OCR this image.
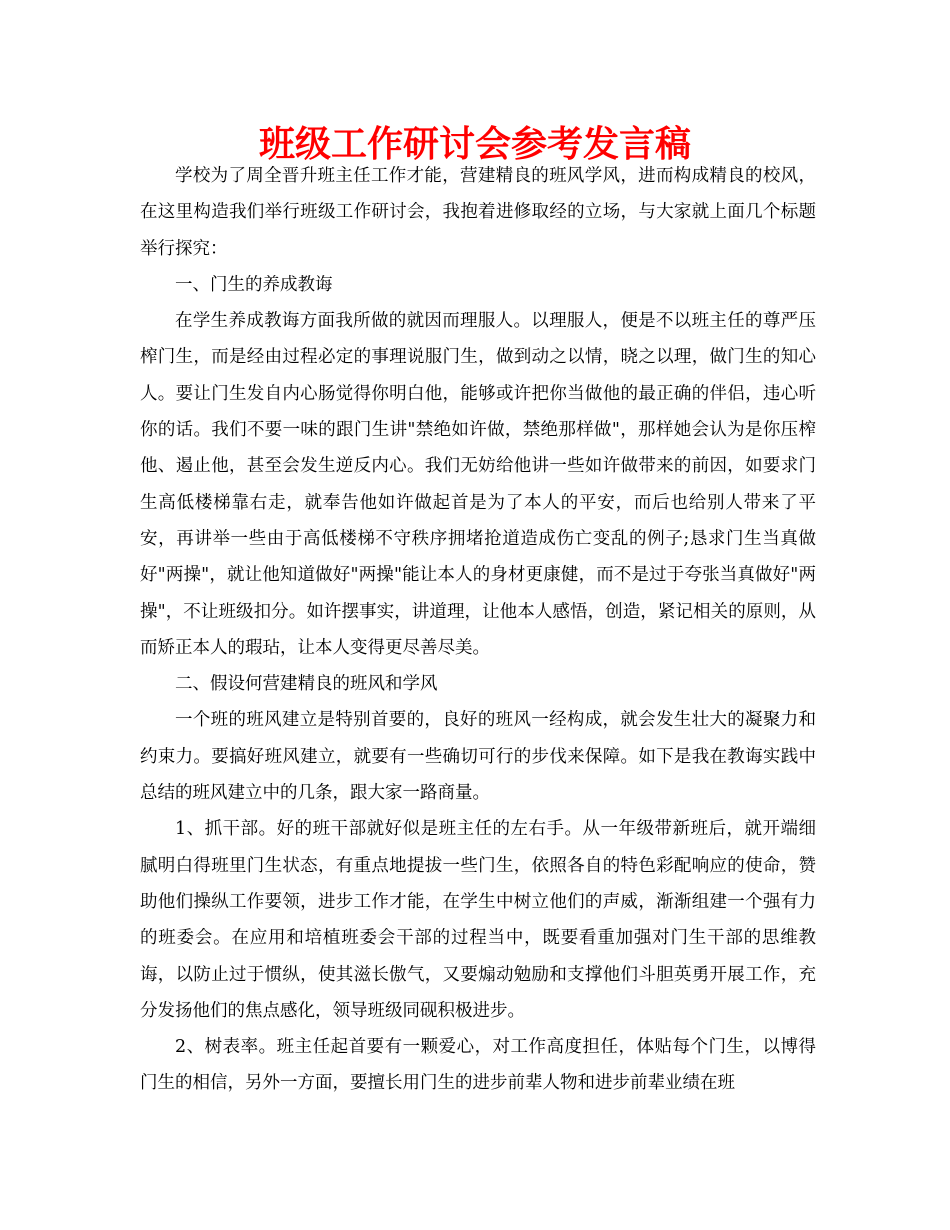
班级工作研讨会参考发言稿

学校为了周全晋升班主任工作才能，营建精良的班风学风，进而构成精良的校风，在这里构造我们举行班级工作研讨会，我抱着进修取经的立场，与大家就上面几个标题举行探究：

一、门生的养成教诲

在学生养成教诲方面我所做的就因而理服人。以理服人，便是不以班主任的尊严压榨门生，而是经由过程必定的事理说服门生，做到动之以情，晓之以理，做门生的知心人。要让门生发自内心肠觉得你明白他，能够或许把你当做他的最正确的伴侣，违心听你的话。我们不要一味的跟门生讲"禁绝如许做，禁绝那样做"，那样她会认为是你压榨他、遏止他，甚至会发生逆反内心。我们无妨给他讲一些如许做带来的前因，如要求门生高低楼梯靠右走，就奉告他如许做起首是为了本人的平安，而后也给别人带来了平安，再讲举一些由于高低楼梯不守秩序拥堵抢道造成伤亡变乱的例子;恳求门生当真做好"两操"，就让他知道做好"两操"能让本人的身材更康健，而不是过于夸张当真做好"两操"，不让班级扣分。如许摆事实，讲道理，让他本人感悟，创造，紧记相关的原则，从而矫正本人的瑕玷，让本人变得更尽善尽美。

二、假设何营建精良的班风和学风

一个班的班风建立是特别首要的，良好的班风一经构成，就会发生壮大的凝聚力和约束力。要搞好班风建立，就要有一些确切可行的步伐来保障。如下是我在教诲实践中总结的班风建立中的几条，跟大家一路商量。

1、抓干部。好的班干部就好似是班主任的左右手。从一年级带新班后，就开端细腻明白得班里门生状态，有重点地提拔一些门生，依照各自的特色彩配响应的使命，赞助他们操纵工作要领，进步工作才能，在学生中树立他们的声威，渐渐组建一个强有力的班委会。在应用和培植班委会干部的过程当中，既要看重加强对门生干部的思维教诲，以防止过于惯纵，使其滋长傲气，又要煽动勉励和支撑他们斗胆英勇开展工作，充分发扬他们的焦点感化，领导班级同砚积极进步。

2、树表率。班主任起首要有一颗爱心，对工作高度担任，体贴每个门生，以博得门生的相信，另外一方面，要擅长用门生的进步前辈人物和进步前辈业绩在班
